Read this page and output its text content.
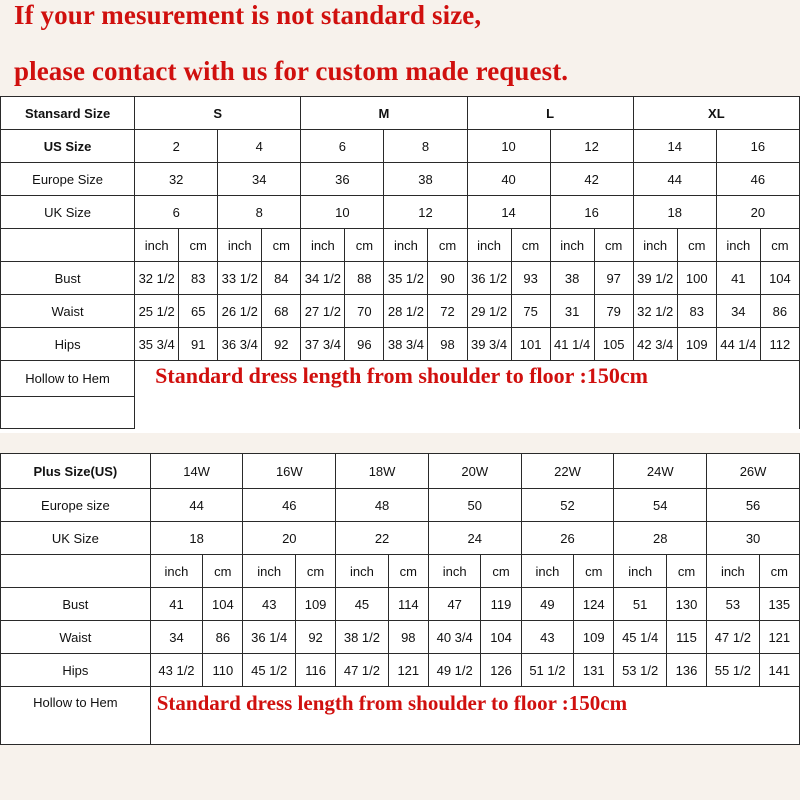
If your mesurement is not standard size,
please contact with us for custom made request.
Stansard Size	S				M				L				XL			
US Size	2		4		6		8		10		12		14		16	
Europe Size	32		34		36		38		40		42		44		46	
UK Size	6		8		10		12		14		16		18		20	
	inch	cm	inch	cm	inch	cm	inch	cm	inch	cm	inch	cm	inch	cm	inch	cm
Bust	32 1/2	83	33 1/2	84	34 1/2	88	35 1/2	90	36 1/2	93	38	97	39 1/2	100	41	104
Waist	25 1/2	65	26 1/2	68	27 1/2	70	28 1/2	72	29 1/2	75	31	79	32 1/2	83	34	86
Hips	35 3/4	91	36 3/4	92	37 3/4	96	38 3/4	98	39 3/4	101	41 1/4	105	42 3/4	109	44 1/4	112
Hollow to Hem	Standard dress length from shoulder to floor :150cm															

Plus Size(US)	14W		16W		18W		20W		22W		24W		26W	
Europe size	44		46		48		50		52		54		56	
UK Size	18		20		22		24		26		28		30	
	inch	cm	inch	cm	inch	cm	inch	cm	inch	cm	inch	cm	inch	cm
Bust	41	104	43	109	45	114	47	119	49	124	51	130	53	135
Waist	34	86	36 1/4	92	38 1/2	98	40 3/4	104	43	109	45 1/4	115	47 1/2	121
Hips	43 1/2	110	45 1/2	116	47 1/2	121	49 1/2	126	51 1/2	131	53 1/2	136	55 1/2	141
Hollow to Hem	Standard dress length from shoulder to floor :150cm													
